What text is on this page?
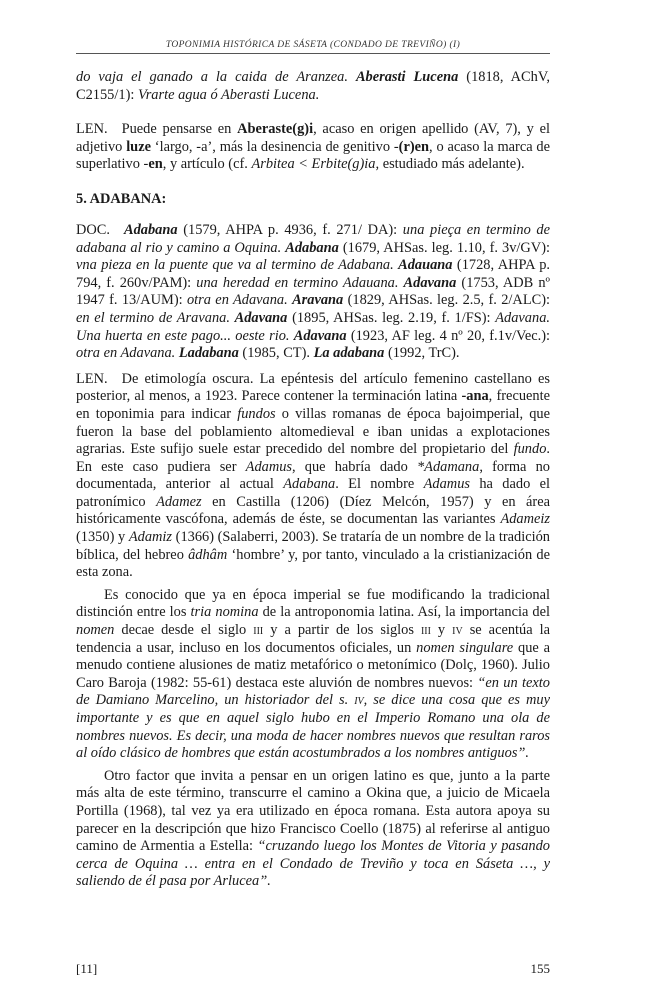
TOPONIMIA HISTÓRICA DE SÁSETA (CONDADO DE TREVIÑO) (I)

do vaja el ganado a la caida de Aranzea. Aberasti Lucena (1818, AChV, C2155/1): Vrarte agua ó Aberasti Lucena.

LEN. Puede pensarse en Aberaste(g)i, acaso en origen apellido (AV, 7), y el adjetivo luze ‘largo, -a’, más la desinencia de genitivo -(r)en, o acaso la marca de superlativo -en, y artículo (cf. Arbitea < Erbite(g)ia, estudiado más adelante).

5. ADABANA:

DOC. Adabana (1579, AHPA p. 4936, f. 271/ DA): una pieça en termino de adabana al rio y camino a Oquina. Adabana (1679, AHSas. leg. 1.10, f. 3v/GV): vna pieza en la puente que va al termino de Adabana. Adauana (1728, AHPA p. 794, f. 260v/PAM): una heredad en termino Adauana. Adavana (1753, ADB nº 1947 f. 13/AUM): otra en Adavana. Aravana (1829, AHSas. leg. 2.5, f. 2/ALC): en el termino de Aravana. Adavana (1895, AHSas. leg. 2.19, f. 1/FS): Adavana. Una huerta en este pago... oeste rio. Adavana (1923, AF leg. 4 nº 20, f.1v/Vec.): otra en Adavana. Ladabana (1985, CT). La adabana (1992, TrC).

LEN. De etimología oscura. La epéntesis del artículo femenino castellano es posterior, al menos, a 1923. Parece contener la terminación latina -ana, frecuente en toponimia para indicar fundos o villas romanas de época bajoimperial, que fueron la base del poblamiento altomedieval e iban unidas a explotaciones agrarias. Este sufijo suele estar precedido del nombre del propietario del fundo. En este caso pudiera ser Adamus, que habría dado *Adamana, forma no documentada, anterior al actual Adabana. El nombre Adamus ha dado el patronímico Adamez en Castilla (1206) (Díez Melcón, 1957) y en área históricamente vascófona, además de éste, se documentan las variantes Adameiz (1350) y Adamiz (1366) (Salaberri, 2003). Se trataría de un nombre de la tradición bíblica, del hebreo âdhâm ‘hombre’ y, por tanto, vinculado a la cristianización de esta zona.

Es conocido que ya en época imperial se fue modificando la tradicional distinción entre los tria nomina de la antroponomia latina. Así, la importancia del nomen decae desde el siglo iii y a partir de los siglos iii y iv se acentúa la tendencia a usar, incluso en los documentos oficiales, un nomen singulare que a menudo contiene alusiones de matiz metafórico o metonímico (Dolç, 1960). Julio Caro Baroja (1982: 55-61) destaca este aluvión de nombres nuevos: “en un texto de Damiano Marcelino, un historiador del s. iv, se dice una cosa que es muy importante y es que en aquel siglo hubo en el Imperio Romano una ola de nombres nuevos. Es decir, una moda de hacer nombres nuevos que resultan raros al oído clásico de hombres que están acostumbrados a los nombres antiguos”.

Otro factor que invita a pensar en un origen latino es que, junto a la parte más alta de este término, transcurre el camino a Okina que, a juicio de Micaela Portilla (1968), tal vez ya era utilizado en época romana. Esta autora apoya su parecer en la descripción que hizo Francisco Coello (1875) al referirse al antiguo camino de Armentia a Estella: “cruzando luego los Montes de Vitoria y pasando cerca de Oquina … entra en el Condado de Treviño y toca en Sáseta …, y saliendo de él pasa por Arlucea”.

[11]	155
